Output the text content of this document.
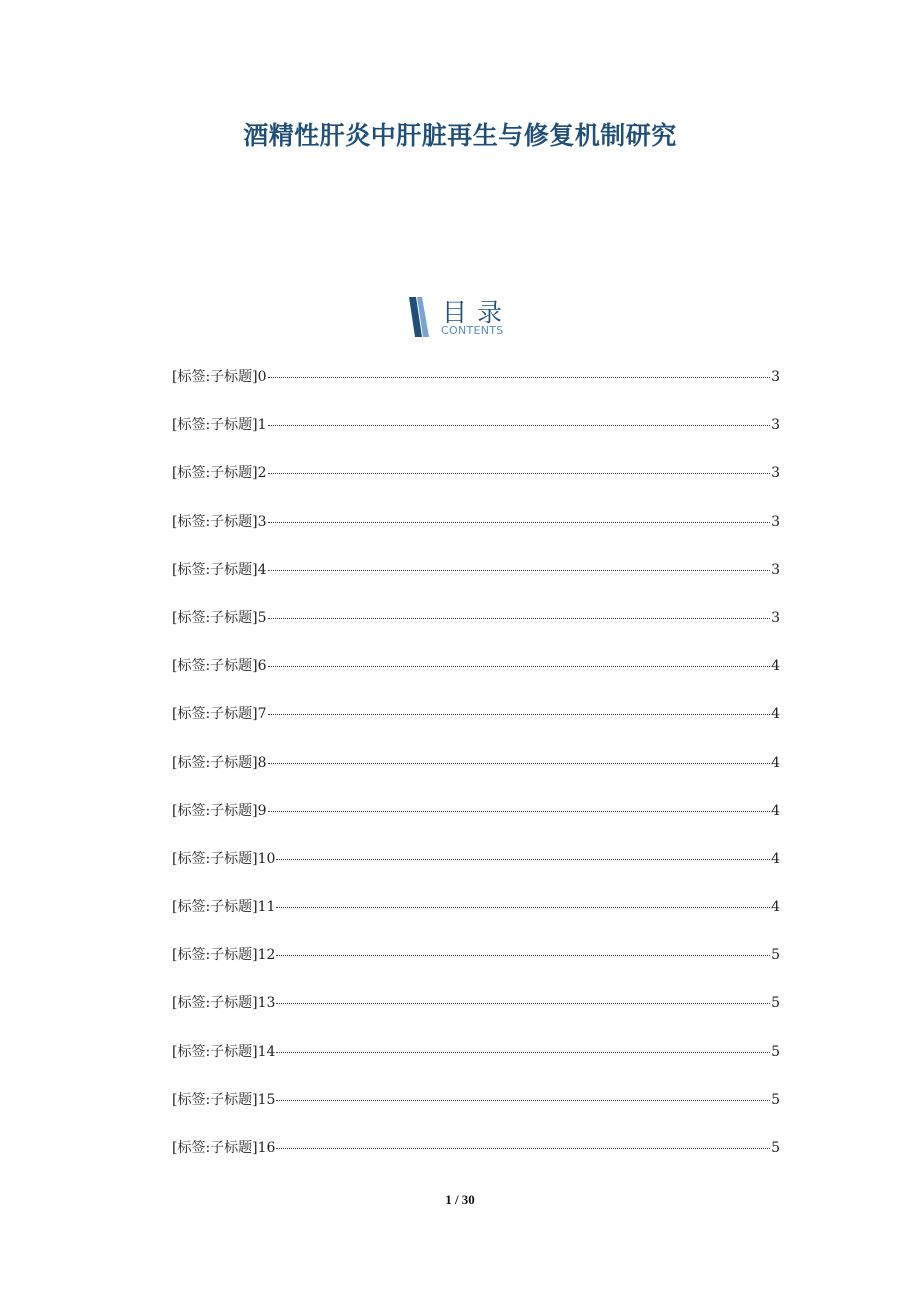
酒精性肝炎中肝脏再生与修复机制研究
目录
CONTENTS
[标签:子标题]0	3
[标签:子标题]1	3
[标签:子标题]2	3
[标签:子标题]3	3
[标签:子标题]4	3
[标签:子标题]5	3
[标签:子标题]6	4
[标签:子标题]7	4
[标签:子标题]8	4
[标签:子标题]9	4
[标签:子标题]10	4
[标签:子标题]11	4
[标签:子标题]12	5
[标签:子标题]13	5
[标签:子标题]14	5
[标签:子标题]15	5
[标签:子标题]16	5
1 / 30
